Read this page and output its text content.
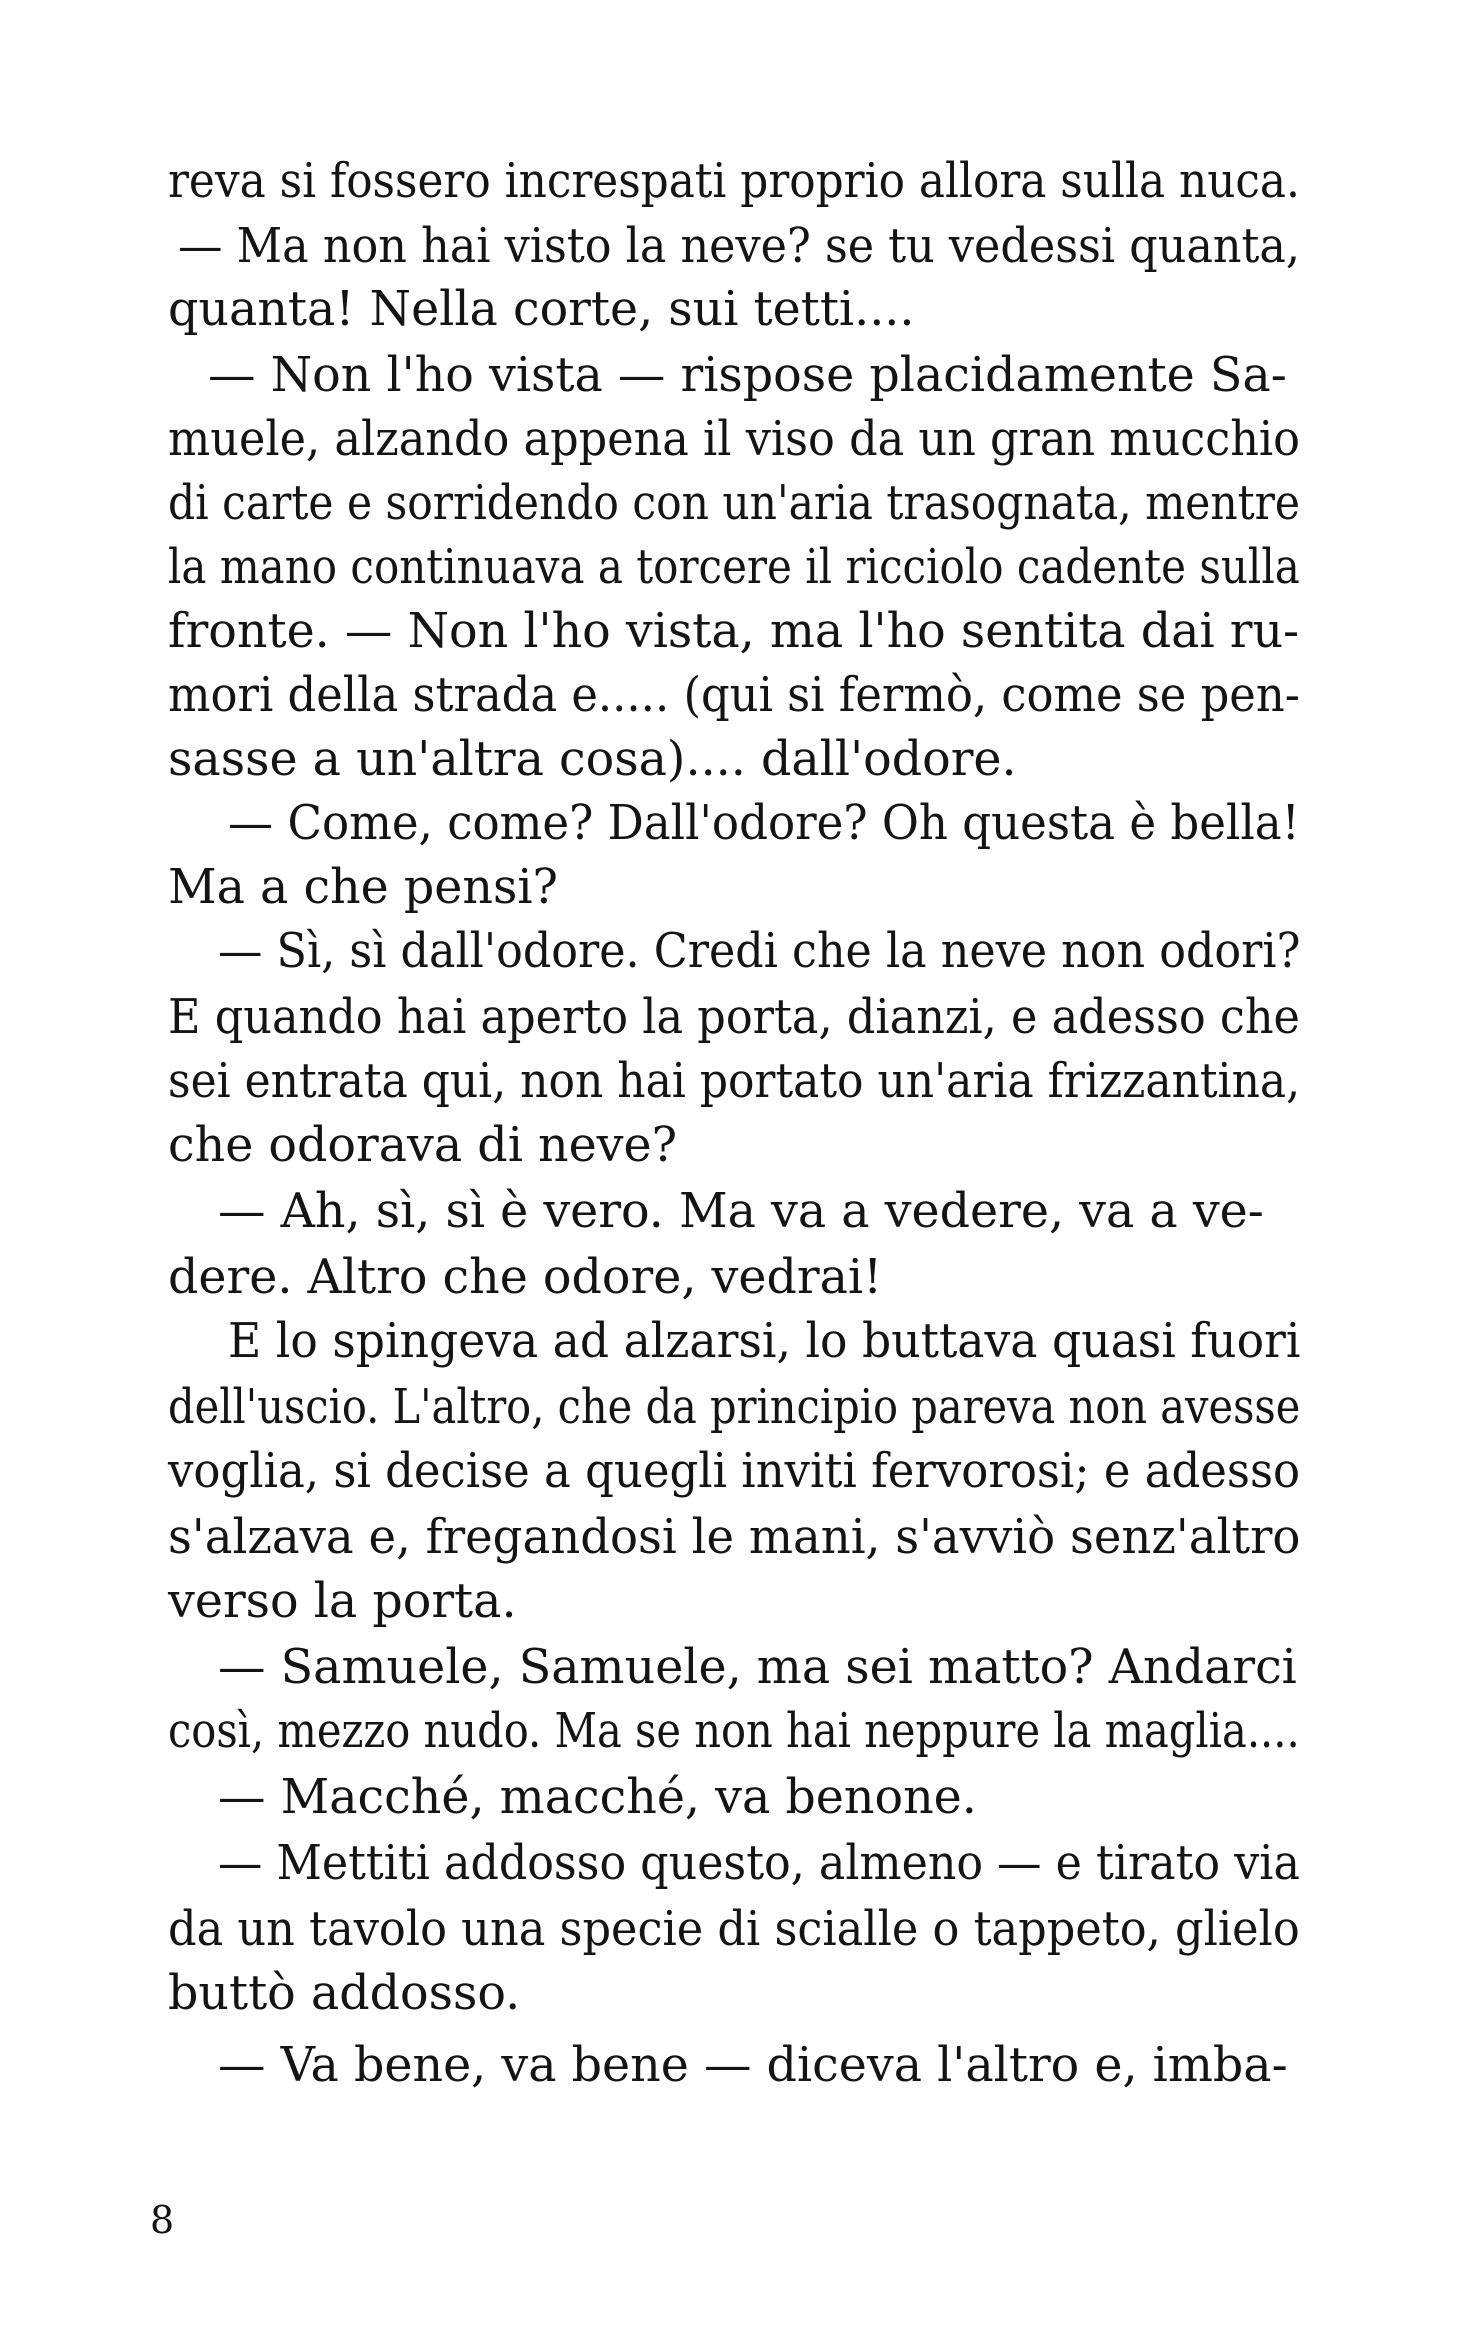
reva si fossero increspati proprio allora sulla nuca.
— Ma non hai visto la neve? se tu vedessi quanta,
quanta! Nella corte, sui tetti....
— Non l'ho vista — rispose placidamente Sa-
muele, alzando appena il viso da un gran mucchio
di carte e sorridendo con un'aria trasognata, mentre
la mano continuava a torcere il ricciolo cadente sulla
fronte. — Non l'ho vista, ma l'ho sentita dai ru-
mori della strada e..... (qui si fermò, come se pen-
sasse a un'altra cosa).... dall'odore.
— Come, come? Dall'odore? Oh questa è bella!
Ma a che pensi?
— Sì, sì dall'odore. Credi che la neve non odori?
E quando hai aperto la porta, dianzi, e adesso che
sei entrata qui, non hai portato un'aria frizzantina,
che odorava di neve?
— Ah, sì, sì è vero. Ma va a vedere, va a ve-
dere. Altro che odore, vedrai!
E lo spingeva ad alzarsi, lo buttava quasi fuori
dell'uscio. L'altro, che da principio pareva non avesse
voglia, si decise a quegli inviti fervorosi; e adesso
s'alzava e, fregandosi le mani, s'avviò senz'altro
verso la porta.
— Samuele, Samuele, ma sei matto? Andarci
così, mezzo nudo. Ma se non hai neppure la maglia....
— Macché, macché, va benone.
— Mettiti addosso questo, almeno — e tirato via
da un tavolo una specie di scialle o tappeto, glielo
buttò addosso.
— Va bene, va bene — diceva l'altro e, imba-
8
